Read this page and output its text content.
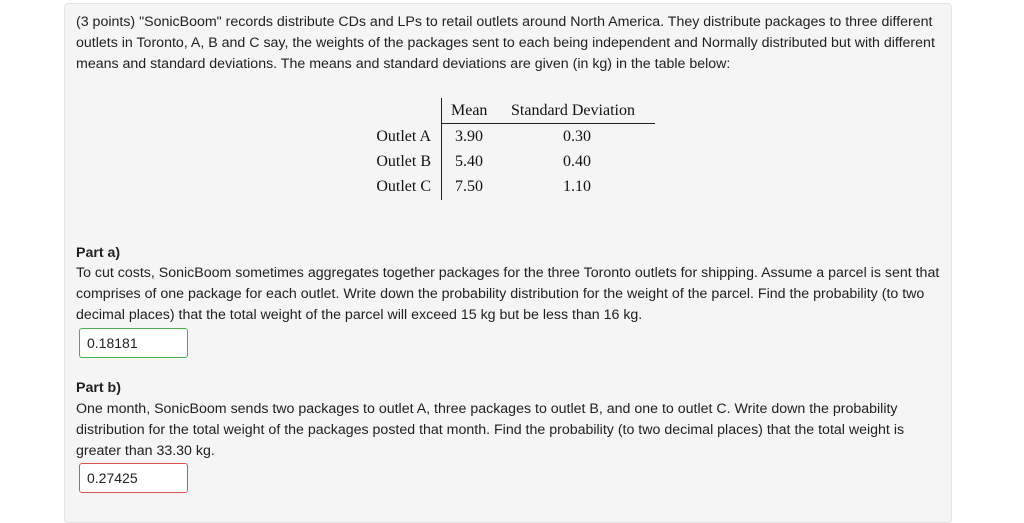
(3 points) "SonicBoom" records distribute CDs and LPs to retail outlets around North America. They distribute packages to three different outlets in Toronto, A, B and C say, the weights of the packages sent to each being independent and Normally distributed but with different means and standard deviations. The means and standard deviations are given (in kg) in the table below:

Mean Standard Deviation
Outlet A 3.90	0.30
Outlet B 5.40	0.40
Outlet C 7.50	1.10

Part a)

To cut costs, SonicBoom sometimes aggregates together packages for the three Toronto outlets for shipping. Assume a parcel is sent that comprises of one package for each outlet. Write down the probability distribution for the weight of the parcel. Find the probability (to two decimal places) that the total weight of the parcel will exceed 15 kg but be less than 16 kg.

0.18181

Part b)

One month, SonicBoom sends two packages to outlet A, three packages to outlet B, and one to outlet C. Write down the probability distribution for the total weight of the packages posted that month. Find the probability (to two decimal places) that the total weight is greater than 33.30 kg.

0.27425
